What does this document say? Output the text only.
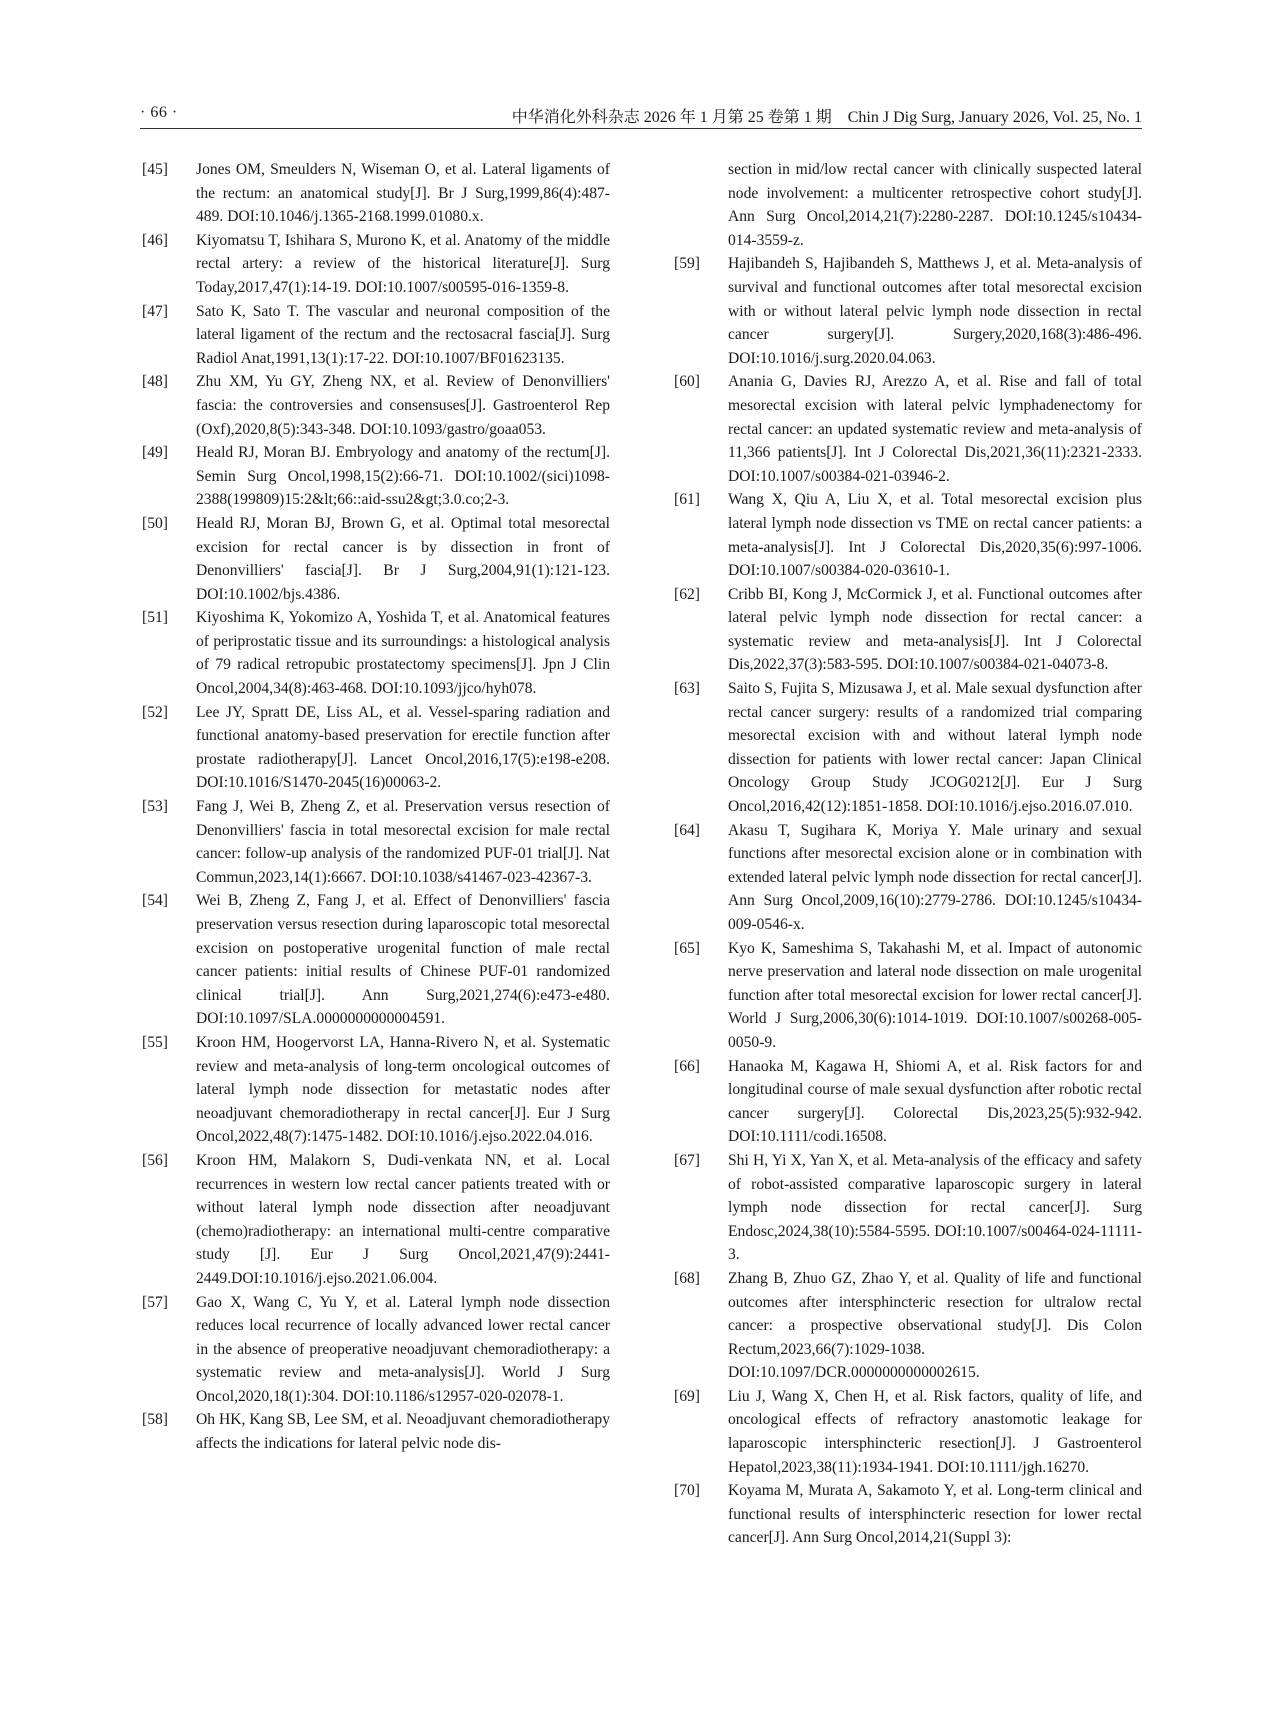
· 66 ·	中华消化外科杂志 2026 年 1 月第 25 卷第 1 期　Chin J Dig Surg, January 2026, Vol. 25, No. 1
[45] Jones OM, Smeulders N, Wiseman O, et al. Lateral ligaments of the rectum: an anatomical study[J]. Br J Surg,1999,86(4):487-489. DOI:10.1046/j.1365-2168.1999.01080.x.
[46] Kiyomatsu T, Ishihara S, Murono K, et al. Anatomy of the middle rectal artery: a review of the historical literature[J]. Surg Today,2017,47(1):14-19. DOI:10.1007/s00595-016-1359-8.
[47] Sato K, Sato T. The vascular and neuronal composition of the lateral ligament of the rectum and the rectosacral fascia[J]. Surg Radiol Anat,1991,13(1):17-22. DOI:10.1007/BF01623135.
[48] Zhu XM, Yu GY, Zheng NX, et al. Review of Denonvilliers' fascia: the controversies and consensuses[J]. Gastroenterol Rep (Oxf),2020,8(5):343-348. DOI:10.1093/gastro/goaa053.
[49] Heald RJ, Moran BJ. Embryology and anatomy of the rectum[J]. Semin Surg Oncol,1998,15(2):66-71. DOI:10.1002/(sici)1098-2388(199809)15:2&lt;66::aid-ssu2&gt;3.0.co;2-3.
[50] Heald RJ, Moran BJ, Brown G, et al. Optimal total mesorectal excision for rectal cancer is by dissection in front of Denonvilliers' fascia[J]. Br J Surg,2004,91(1):121-123. DOI:10.1002/bjs.4386.
[51] Kiyoshima K, Yokomizo A, Yoshida T, et al. Anatomical features of periprostatic tissue and its surroundings: a histological analysis of 79 radical retropubic prostatectomy specimens[J]. Jpn J Clin Oncol,2004,34(8):463-468. DOI:10.1093/jjco/hyh078.
[52] Lee JY, Spratt DE, Liss AL, et al. Vessel-sparing radiation and functional anatomy-based preservation for erectile function after prostate radiotherapy[J]. Lancet Oncol,2016,17(5):e198-e208. DOI:10.1016/S1470-2045(16)00063-2.
[53] Fang J, Wei B, Zheng Z, et al. Preservation versus resection of Denonvilliers' fascia in total mesorectal excision for male rectal cancer: follow-up analysis of the randomized PUF-01 trial[J]. Nat Commun,2023,14(1):6667. DOI:10.1038/s41467-023-42367-3.
[54] Wei B, Zheng Z, Fang J, et al. Effect of Denonvilliers' fascia preservation versus resection during laparoscopic total mesorectal excision on postoperative urogenital function of male rectal cancer patients: initial results of Chinese PUF-01 randomized clinical trial[J]. Ann Surg,2021,274(6):e473-e480. DOI:10.1097/SLA.0000000000004591.
[55] Kroon HM, Hoogervorst LA, Hanna-Rivero N, et al. Systematic review and meta-analysis of long-term oncological outcomes of lateral lymph node dissection for metastatic nodes after neoadjuvant chemoradiotherapy in rectal cancer[J]. Eur J Surg Oncol,2022,48(7):1475-1482. DOI:10.1016/j.ejso.2022.04.016.
[56] Kroon HM, Malakorn S, Dudi-venkata NN, et al. Local recurrences in western low rectal cancer patients treated with or without lateral lymph node dissection after neoadjuvant (chemo)radiotherapy: an international multi-centre comparative study [J]. Eur J Surg Oncol,2021,47(9):2441-2449.DOI:10.1016/j.ejso.2021.06.004.
[57] Gao X, Wang C, Yu Y, et al. Lateral lymph node dissection reduces local recurrence of locally advanced lower rectal cancer in the absence of preoperative neoadjuvant chemoradiotherapy: a systematic review and meta-analysis[J]. World J Surg Oncol,2020,18(1):304. DOI:10.1186/s12957-020-02078-1.
[58] Oh HK, Kang SB, Lee SM, et al. Neoadjuvant chemoradiotherapy affects the indications for lateral pelvic node dis-
section in mid/low rectal cancer with clinically suspected lateral node involvement: a multicenter retrospective cohort study[J]. Ann Surg Oncol,2014,21(7):2280-2287. DOI:10.1245/s10434-014-3559-z.
[59] Hajibandeh S, Hajibandeh S, Matthews J, et al. Meta-analysis of survival and functional outcomes after total mesorectal excision with or without lateral pelvic lymph node dissection in rectal cancer surgery[J]. Surgery,2020,168(3):486-496. DOI:10.1016/j.surg.2020.04.063.
[60] Anania G, Davies RJ, Arezzo A, et al. Rise and fall of total mesorectal excision with lateral pelvic lymphadenectomy for rectal cancer: an updated systematic review and meta-analysis of 11,366 patients[J]. Int J Colorectal Dis,2021,36(11):2321-2333. DOI:10.1007/s00384-021-03946-2.
[61] Wang X, Qiu A, Liu X, et al. Total mesorectal excision plus lateral lymph node dissection vs TME on rectal cancer patients: a meta-analysis[J]. Int J Colorectal Dis,2020,35(6):997-1006. DOI:10.1007/s00384-020-03610-1.
[62] Cribb BI, Kong J, McCormick J, et al. Functional outcomes after lateral pelvic lymph node dissection for rectal cancer: a systematic review and meta-analysis[J]. Int J Colorectal Dis,2022,37(3):583-595. DOI:10.1007/s00384-021-04073-8.
[63] Saito S, Fujita S, Mizusawa J, et al. Male sexual dysfunction after rectal cancer surgery: results of a randomized trial comparing mesorectal excision with and without lateral lymph node dissection for patients with lower rectal cancer: Japan Clinical Oncology Group Study JCOG0212[J]. Eur J Surg Oncol,2016,42(12):1851-1858. DOI:10.1016/j.ejso.2016.07.010.
[64] Akasu T, Sugihara K, Moriya Y. Male urinary and sexual functions after mesorectal excision alone or in combination with extended lateral pelvic lymph node dissection for rectal cancer[J]. Ann Surg Oncol,2009,16(10):2779-2786. DOI:10.1245/s10434-009-0546-x.
[65] Kyo K, Sameshima S, Takahashi M, et al. Impact of autonomic nerve preservation and lateral node dissection on male urogenital function after total mesorectal excision for lower rectal cancer[J]. World J Surg,2006,30(6):1014-1019. DOI:10.1007/s00268-005-0050-9.
[66] Hanaoka M, Kagawa H, Shiomi A, et al. Risk factors for and longitudinal course of male sexual dysfunction after robotic rectal cancer surgery[J]. Colorectal Dis,2023,25(5):932-942. DOI:10.1111/codi.16508.
[67] Shi H, Yi X, Yan X, et al. Meta-analysis of the efficacy and safety of robot-assisted comparative laparoscopic surgery in lateral lymph node dissection for rectal cancer[J]. Surg Endosc,2024,38(10):5584-5595. DOI:10.1007/s00464-024-11111-3.
[68] Zhang B, Zhuo GZ, Zhao Y, et al. Quality of life and functional outcomes after intersphincteric resection for ultralow rectal cancer: a prospective observational study[J]. Dis Colon Rectum,2023,66(7):1029-1038. DOI:10.1097/DCR.0000000000002615.
[69] Liu J, Wang X, Chen H, et al. Risk factors, quality of life, and oncological effects of refractory anastomotic leakage for laparoscopic intersphincteric resection[J]. J Gastroenterol Hepatol,2023,38(11):1934-1941. DOI:10.1111/jgh.16270.
[70] Koyama M, Murata A, Sakamoto Y, et al. Long-term clinical and functional results of intersphincteric resection for lower rectal cancer[J]. Ann Surg Oncol,2014,21(Suppl 3):
